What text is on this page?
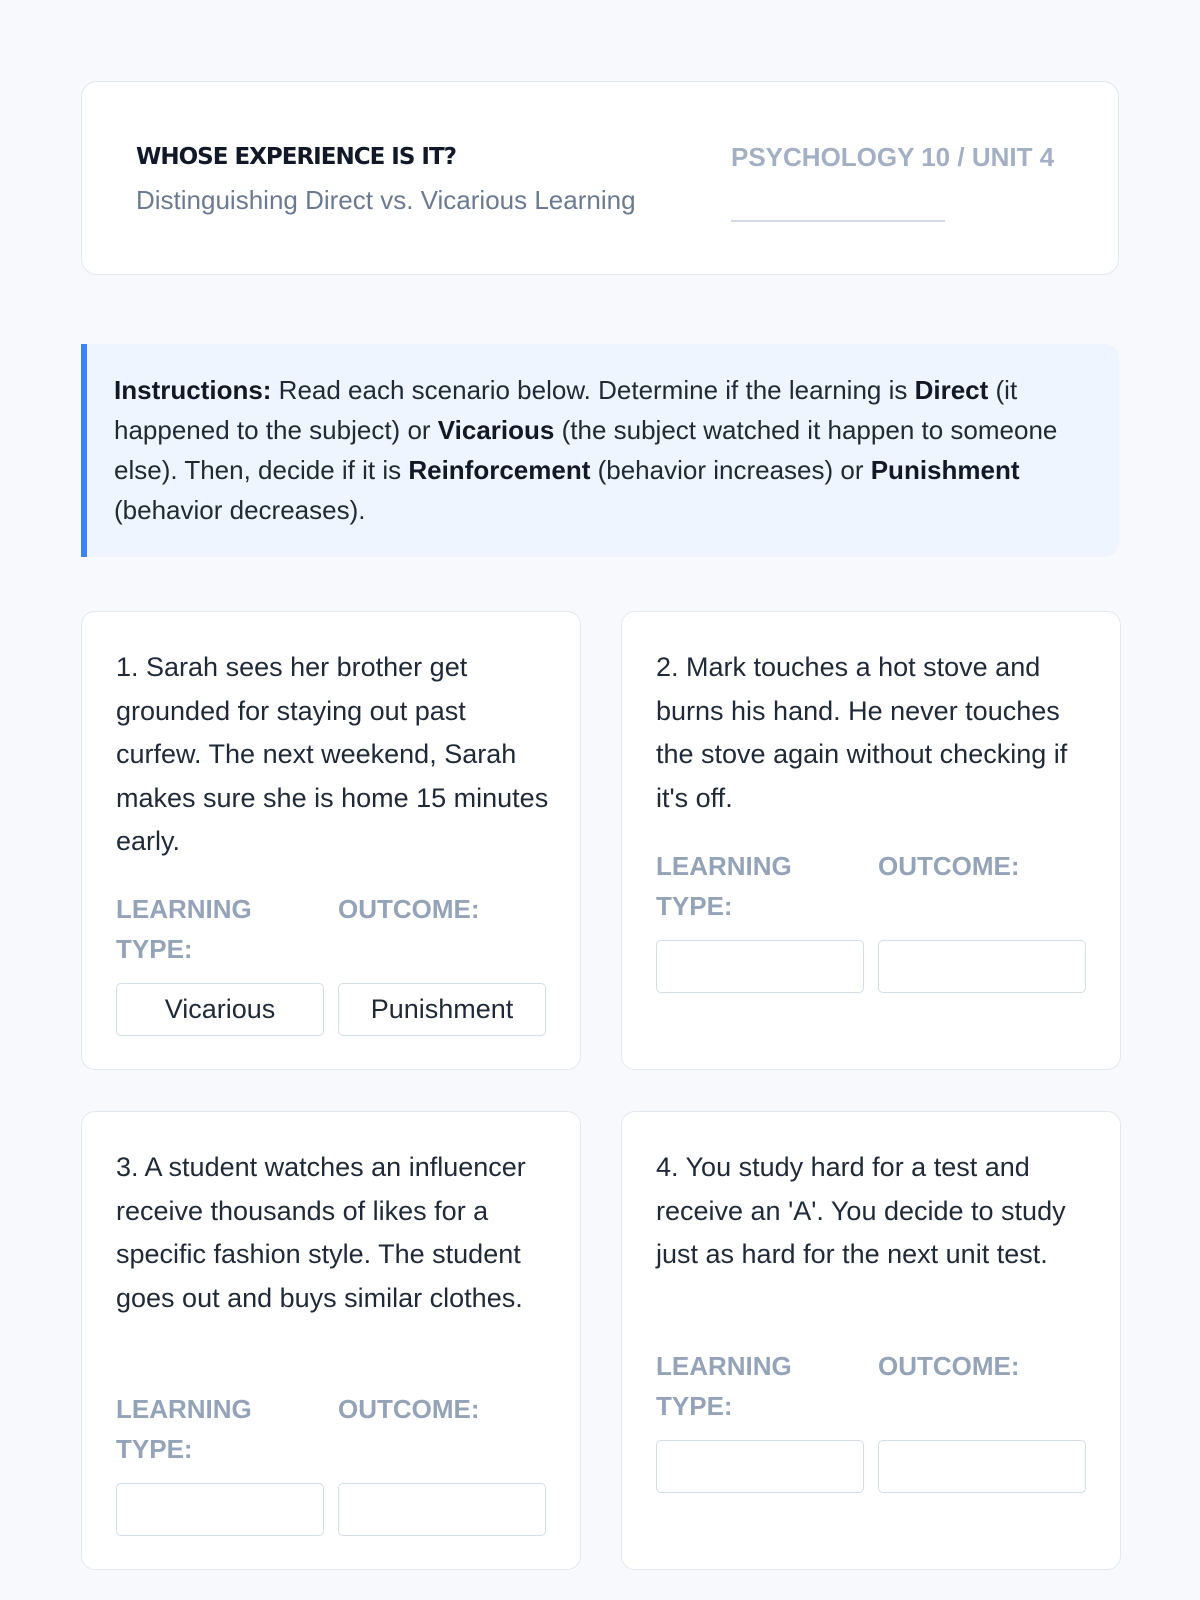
WHOSE EXPERIENCE IS IT?
Distinguishing Direct vs. Vicarious Learning
PSYCHOLOGY 10 / UNIT 4
Instructions: Read each scenario below. Determine if the learning is Direct (it happened to the subject) or Vicarious (the subject watched it happen to someone else). Then, decide if it is Reinforcement (behavior increases) or Punishment (behavior decreases).
1. Sarah sees her brother get grounded for staying out past curfew. The next weekend, Sarah makes sure she is home 15 minutes early.
LEARNING TYPE:
OUTCOME:
Vicarious	Punishment
2. Mark touches a hot stove and burns his hand. He never touches the stove again without checking if it's off.
LEARNING TYPE:
OUTCOME:
3. A student watches an influencer receive thousands of likes for a specific fashion style. The student goes out and buys similar clothes.
LEARNING TYPE:
OUTCOME:
4. You study hard for a test and receive an 'A'. You decide to study just as hard for the next unit test.
LEARNING TYPE:
OUTCOME:
